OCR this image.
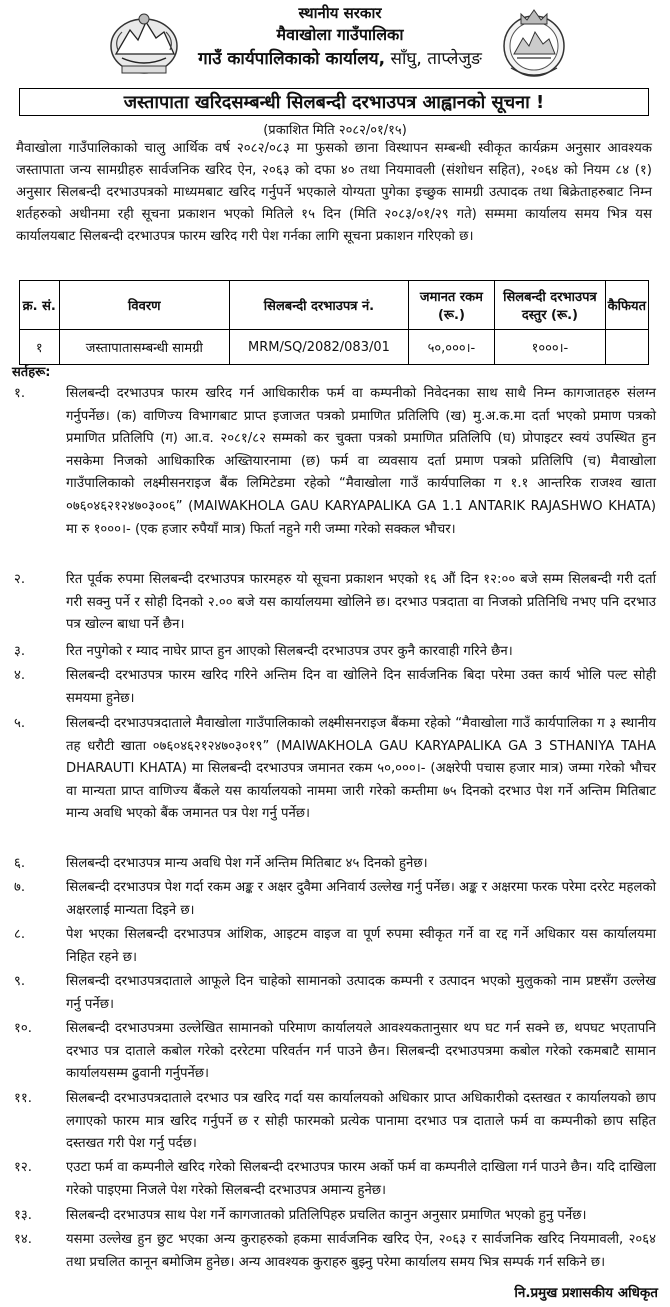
स्थानीय सरकार
मैवाखोला गाउँपालिका
गाउँ कार्यपालिकाको कार्यालय, साँघु, ताप्लेजुङ
जस्तापाता खरिदसम्बन्धी सिलबन्दी दरभाउपत्र आह्वानको सूचना !
(प्रकाशित मिति २०८२/०१/१५)
मैवाखोला गाउँपालिकाको चालु आर्थिक वर्ष २०८२/०८३ मा फुसको छाना विस्थापन सम्बन्धी स्वीकृत कार्यक्रम अनुसार आवश्यक जस्तापाता जन्य सामग्रीहरु सार्वजनिक खरिद ऐन, २०६३ को दफा ४० तथा नियमावली (संशोधन सहित), २०६४ को नियम ८४ (१) अनुसार सिलबन्दी दरभाउपत्रको माध्यमबाट खरिद गर्नुपर्ने भएकाले योग्यता पुगेका इच्छुक सामग्री उत्पादक तथा बिक्रेताहरुबाट निम्न शर्तहरुको अधीनमा रही सूचना प्रकाशन भएको मितिले १५ दिन (मिति २०८३/०१/२९ गते) सम्ममा कार्यालय समय भित्र यस कार्यालयबाट सिलबन्दी दरभाउपत्र फारम खरिद गरी पेश गर्नका लागि सूचना प्रकाशन गरिएको छ।
क्र. सं.	विवरण	सिलबन्दी दरभाउपत्र नं.	जमानत रकम (रू.)	सिलबन्दी दरभाउपत्र दस्तुर (रू.)	कैफियत
१	जस्तापातासम्बन्धी सामग्री	MRM/SQ/2082/083/01	५०,०००।-	१०००।-	
सर्तहरू:
१.	सिलबन्दी दरभाउपत्र फारम खरिद गर्न आधिकारीक फर्म वा कम्पनीको निवेदनका साथ साथै निम्न कागजातहरु संलग्न गर्नुपर्नेछ। (क) वाणिज्य विभागबाट प्राप्त इजाजत पत्रको प्रमाणित प्रतिलिपि (ख) मु.अ.क.मा दर्ता भएको प्रमाण पत्रको प्रमाणित प्रतिलिपि (ग) आ.व. २०८१/८२ सम्मको कर चुक्ता पत्रको प्रमाणित प्रतिलिपि (घ) प्रोपाइटर स्वयं उपस्थित हुन नसकेमा निजको आधिकारिक अख्तियारनामा (छ) फर्म वा व्यवसाय दर्ता प्रमाण पत्रको प्रतिलिपि (च) मैवाखोला गाउँपालिकाको लक्ष्मीसनराइज बैंक लिमिटेडमा रहेको “मैवाखोला गाउँ कार्यपालिका ग १.१ आन्तरिक राजश्व खाता ०७६०४६२१२४७०३००६” (MAIWAKHOLA GAU KARYAPALIKA GA 1.1 ANTARIK RAJASHWO KHATA) मा रु १०००।- (एक हजार रुपैयाँ मात्र) फिर्ता नहुने गरी जम्मा गरेको सक्कल भौचर।
२.	रित पूर्वक रुपमा सिलबन्दी दरभाउपत्र फारमहरु यो सूचना प्रकाशन भएको १६ औं दिन १२:०० बजे सम्म सिलबन्दी गरी दर्ता गरी सक्नु पर्ने र सोही दिनको २.०० बजे यस कार्यालयमा खोलिने छ। दरभाउ पत्रदाता वा निजको प्रतिनिधि नभए पनि दरभाउ पत्र खोल्न बाधा पर्ने छैन।
३.	रित नपुगेको र म्याद नाघेर प्राप्त हुन आएको सिलबन्दी दरभाउपत्र उपर कुनै कारवाही गरिने छैन।
४.	सिलबन्दी दरभाउपत्र फारम खरिद गरिने अन्तिम दिन वा खोलिने दिन सार्वजनिक बिदा परेमा उक्त कार्य भोलि पल्ट सोही समयमा हुनेछ।
५.	सिलबन्दी दरभाउपत्रदाताले मैवाखोला गाउँपालिकाको लक्ष्मीसनराइज बैंकमा रहेको “मैवाखोला गाउँ कार्यपालिका ग ३ स्थानीय तह धरौटी खाता ०७६०४६२१२४७०३०१९” (MAIWAKHOLA GAU KARYAPALIKA GA 3 STHANIYA TAHA DHARAUTI KHATA) मा सिलबन्दी दरभाउपत्र जमानत रकम ५०,०००।- (अक्षरेपी पचास हजार मात्र) जम्मा गरेको भौचर वा मान्यता प्राप्त वाणिज्य बैंकले यस कार्यालयको नाममा जारी गरेको कम्तीमा ७५ दिनको दरभाउ पेश गर्ने अन्तिम मितिबाट मान्य अवधि भएको बैंक जमानत पत्र पेश गर्नु पर्नेछ।
६.	सिलबन्दी दरभाउपत्र मान्य अवधि पेश गर्ने अन्तिम मितिबाट ४५ दिनको हुनेछ।
७.	सिलबन्दी दरभाउपत्र पेश गर्दा रकम अङ्क र अक्षर दुवैमा अनिवार्य उल्लेख गर्नु पर्नेछ। अङ्क र अक्षरमा फरक परेमा दररेट महलको अक्षरलाई मान्यता दिइने छ।
८.	पेश भएका सिलबन्दी दरभाउपत्र आंशिक, आइटम वाइज वा पूर्ण रुपमा स्वीकृत गर्ने वा रद्द गर्ने अधिकार यस कार्यालयमा निहित रहने छ।
९.	सिलबन्दी दरभाउपत्रदाताले आफूले दिन चाहेको सामानको उत्पादक कम्पनी र उत्पादन भएको मुलुकको नाम प्रष्टसँग उल्लेख गर्नु पर्नेछ।
१०.	सिलबन्दी दरभाउपत्रमा उल्लेखित सामानको परिमाण कार्यालयले आवश्यकतानुसार थप घट गर्न सक्ने छ, थपघट भएतापनि दरभाउ पत्र दाताले कबोल गरेको दररेटमा परिवर्तन गर्न पाउने छैन। सिलबन्दी दरभाउपत्रमा कबोल गरेको रकमबाटै सामान कार्यालयसम्म ढुवानी गर्नुपर्नेछ।
११.	सिलबन्दी दरभाउपत्रदाताले दरभाउ पत्र खरिद गर्दा यस कार्यालयको अधिकार प्राप्त अधिकारीको दस्तखत र कार्यालयको छाप लगाएको फारम मात्र खरिद गर्नुपर्ने छ र सोही फारमको प्रत्येक पानामा दरभाउ पत्र दाताले फर्म वा कम्पनीको छाप सहित दस्तखत गरी पेश गर्नु पर्दछ।
१२.	एउटा फर्म वा कम्पनीले खरिद गरेको सिलबन्दी दरभाउपत्र फारम अर्को फर्म वा कम्पनीले दाखिला गर्न पाउने छैन। यदि दाखिला गरेको पाइएमा निजले पेश गरेको सिलबन्दी दरभाउपत्र अमान्य हुनेछ।
१३.	सिलबन्दी दरभाउपत्र साथ पेश गर्ने कागजातको प्रतिलिपिहरु प्रचलित कानुन अनुसार प्रमाणित भएको हुनु पर्नेछ।
१४.	यसमा उल्लेख हुन छुट भएका अन्य कुराहरुको हकमा सार्वजनिक खरिद ऐन, २०६३ र सार्वजनिक खरिद नियमावली, २०६४ तथा प्रचलित कानून बमोजिम हुनेछ। अन्य आवश्यक कुराहरु बुझ्नु परेमा कार्यालय समय भित्र सम्पर्क गर्न सकिने छ।
नि.प्रमुख प्रशासकीय अधिकृत
